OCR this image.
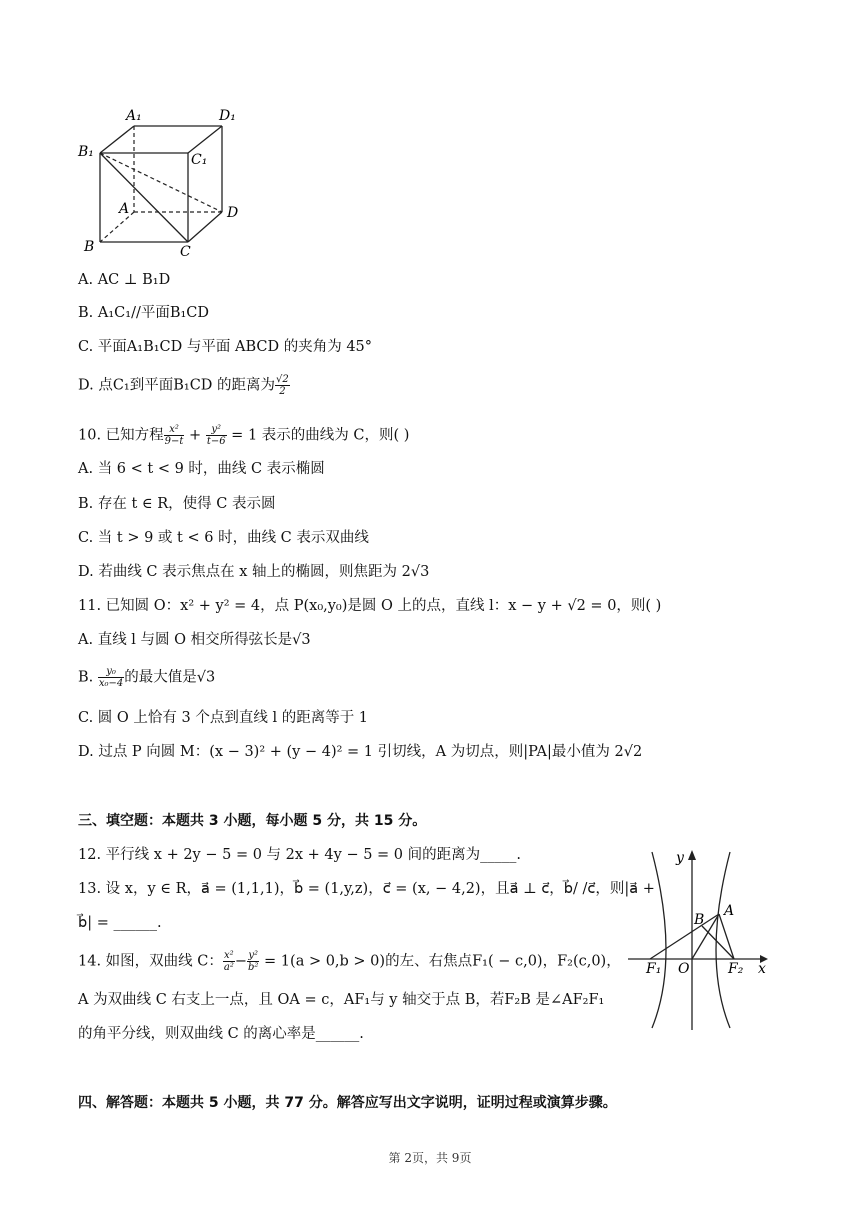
A₁	D₁
B₁	C₁
A	D
B	C
A. AC ⊥ B₁D
B. A₁C₁//平面B₁CD
C. 平面A₁B₁CD 与平面 ABCD 的夹角为 45°
D. 点C₁到平面B₁CD 的距离为 $\frac{√2}{2}$
10. 已知方程 $\frac{\text{x²}}{9-t} + \frac{\text{y²}}{t-6} = 1$ 表示的曲线为 C，则( )
A. 当 6 < t < 9 时，曲线 C 表示椭圆
B. 存在 t ∈ R，使得 C 表示圆
C. 当 t > 9 或 t < 6 时，曲线 C 表示双曲线
D. 若曲线 C 表示焦点在 x 轴上的椭圆，则焦距为 2√3
11. 已知圆 O：x² + y² = 4，点 P(x₀,y₀)是圆 O 上的点，直线 l：x − y + √2 = 0，则( )
A. 直线 l 与圆 O 相交所得弦长是√3
B. $\frac{\text{y₀}}{\text{x₀−4}}$ 的最大值是√3
C. 圆 O 上恰有 3 个点到直线 l 的距离等于 1
D. 过点 P 向圆 M：(x − 3)² + (y − 4)² = 1 引切线，A 为切点，则|PA|最小值为 2√2
三、填空题：本题共 3 小题，每小题 5 分，共 15 分。
12. 平行线 x + 2y − 5 = 0 与 2x + 4y − 5 = 0 间的距离为_____.
13. 设 x，y ∈ R，a⃗ = (1,1,1)，b⃗ = (1,y,z)，c⃗ = (x, − 4,2)，且a⃗ ⊥ c⃗，b⃗/ /c⃗，则|a⃗ +
b⃗| = ______.
14. 如图，双曲线 C： $\frac{\text{x²}}{\text{a²}} - \frac{\text{y²}}{\text{b²}} = 1(a > 0,b > 0)$的左、右焦点F₁( − c,0)，F₂(c,0)，
A 为双曲线 C 右支上一点，且 OA = c，AF₁与 y 轴交于点 B，若F₂B 是∠AF₂F₁
的角平分线，则双曲线 C 的离心率是______.
y
x
A
B
O
F₁	F₂
四、解答题：本题共 5 小题，共 77 分。解答应写出文字说明，证明过程或演算步骤。
第 2页，共 9页
